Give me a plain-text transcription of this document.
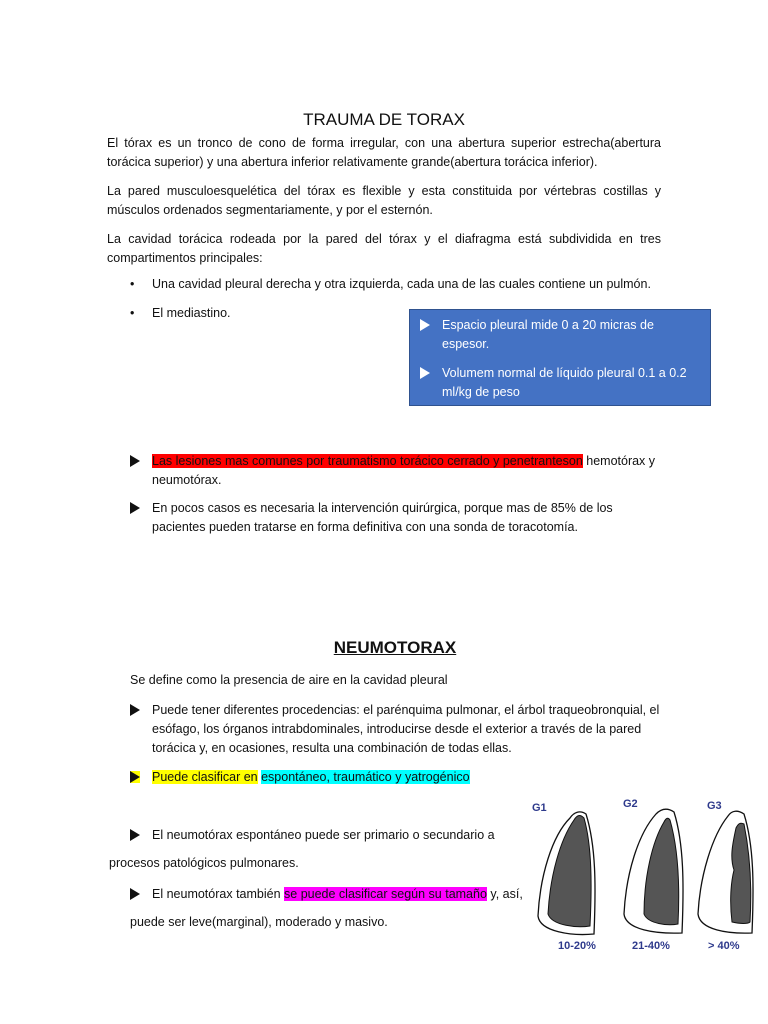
TRAUMA DE TORAX
El tórax es un tronco de cono de forma irregular, con una abertura superior estrecha(abertura torácica superior) y una abertura inferior relativamente grande(abertura torácica inferior).
La pared musculoesquelética del tórax es flexible y esta constituida por vértebras costillas y músculos ordenados segmentariamente, y por el esternón.
La cavidad torácica rodeada por la pared del tórax y el diafragma está subdividida en tres compartimentos principales:
• Una cavidad pleural derecha y otra izquierda, cada una de las cuales contiene un pulmón.
• El mediastino.
Espacio pleural mide 0 a 20 micras de espesor.
Volumem normal de líquido pleural 0.1 a 0.2 ml/kg de peso
Las lesiones mas comunes por traumatismo torácico cerrado y penetranteson hemotórax y neumotórax.
En pocos casos es necesaria la intervención quirúrgica, porque mas de 85% de los pacientes pueden tratarse en forma definitiva con una sonda de toracotomía.
NEUMOTORAX
Se define como la presencia de aire en la cavidad pleural
Puede tener diferentes procedencias: el parénquima pulmonar, el árbol traqueobronquial, el esófago, los órganos intrabdominales, introducirse desde el exterior a través de la pared torácica y, en ocasiones, resulta una combinación de todas ellas.
Puede clasificar en espontáneo, traumático y yatrogénico
El neumotórax espontáneo puede ser primario o secundario a
procesos patológicos pulmonares.
El neumotórax también se puede clasificar según su tamaño y, así,
puede ser leve(marginal), moderado y masivo.
G1	G2	G3
10-20%	21-40%	> 40%
